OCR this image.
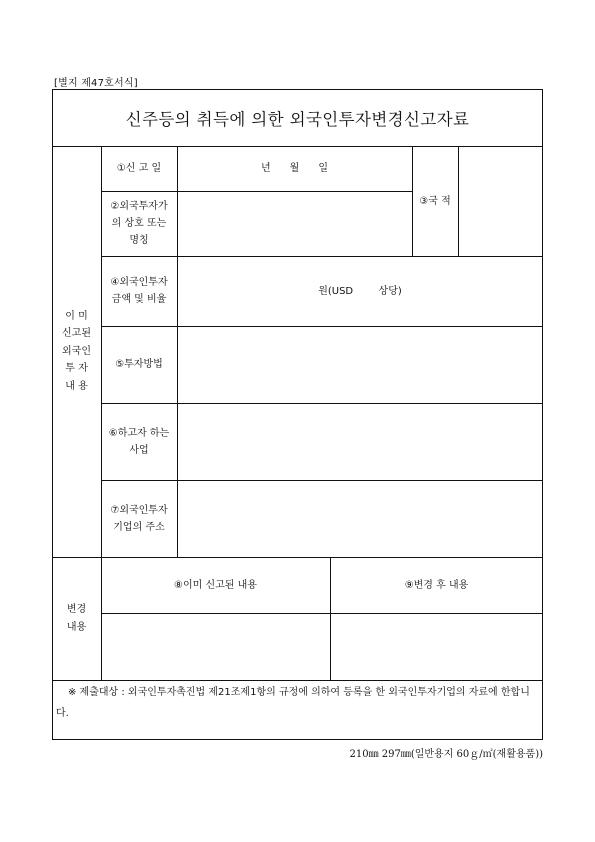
[별지 제47호서식]
신주등의 취득에 의한 외국인투자변경신고자료
이 미
신고된
외국인
투 자
내 용
①신 고 일	년      월      일
③국 적
②외국투자가
의 상호 또는
명칭
④외국인투자
금액 및 비율
원(USD        상당)
⑤투자방법
⑥하고자 하는
사업
⑦외국인투자
기업의 주소
변경
내용
⑧이미 신고된 내용	⑨변경 후 내용
※ 제출대상 : 외국인투자촉진법 제21조제1항의 규정에 의하여 등록을 한 외국인투자기업의 자료에 한합니다.
210㎜ 297㎜(일반용지 60ｇ/㎡(재활용품))
